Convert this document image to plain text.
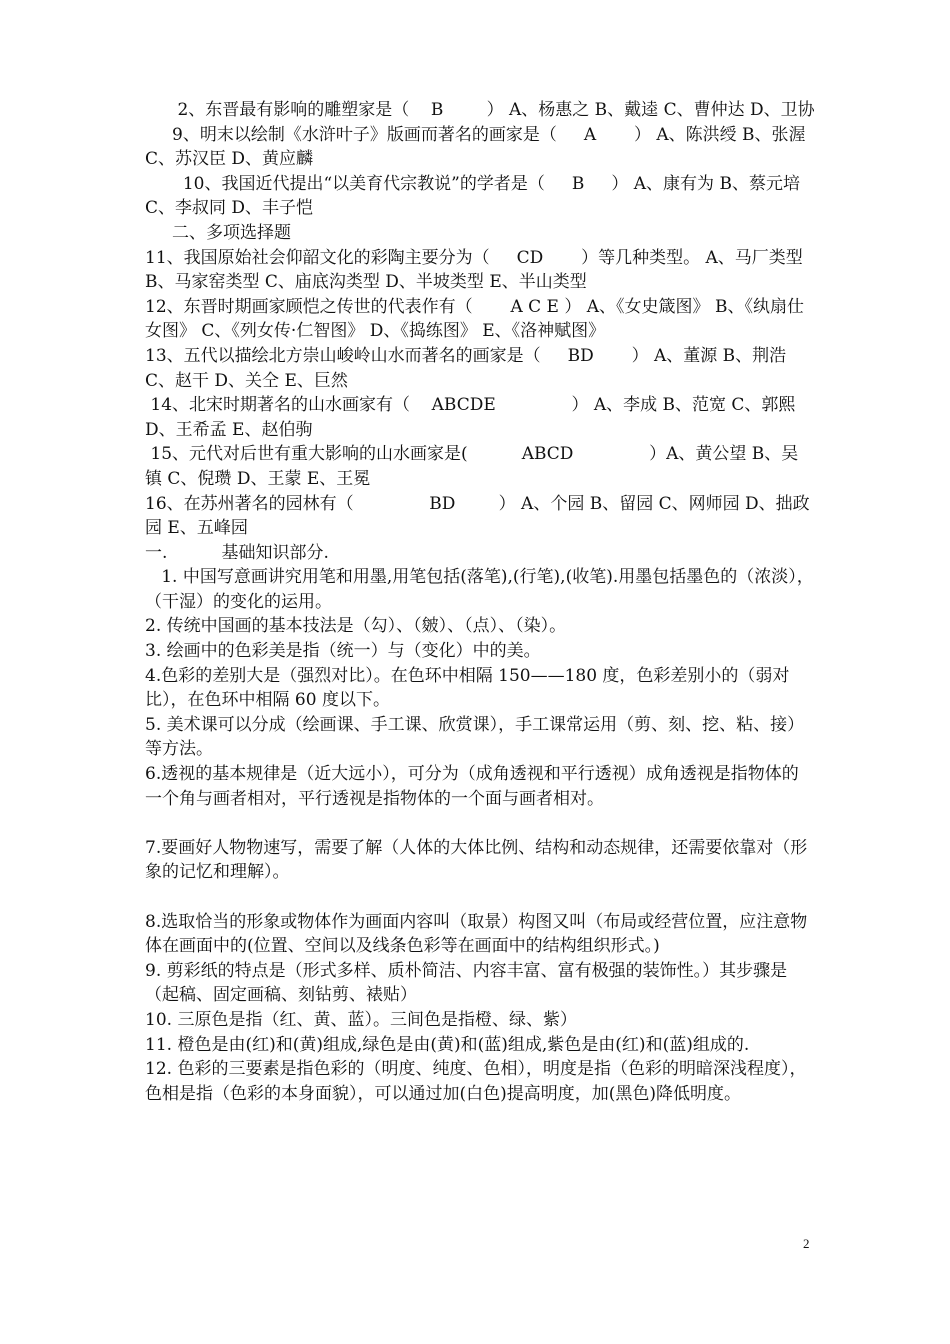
2、东晋最有影响的雕塑家是（    B        ） A、杨惠之 B、戴逵 C、曹仲达 D、卫协

9、明末以绘制《水浒叶子》版画而著名的画家是（     A       ） A、陈洪绶 B、张渥 C、苏汉臣 D、黄应麟

10、我国近代提出“以美育代宗教说”的学者是（     B     ） A、康有为 B、蔡元培 C、李叔同 D、丰子恺

二、多项选择题

11、我国原始社会仰韶文化的彩陶主要分为（     CD       ）等几种类型。 A、马厂类型 B、马家窑类型 C、庙底沟类型 D、半坡类型 E、半山类型

12、东晋时期画家顾恺之传世的代表作有（       A C E ） A、《女史箴图》 B、《纨扇仕女图》 C、《列女传·仁智图》 D、《捣练图》 E、《洛神赋图》

13、五代以描绘北方崇山峻岭山水而著名的画家是（     BD       ） A、董源 B、荆浩 C、赵干 D、关仝 E、巨然

14、北宋时期著名的山水画家有（    ABCDE              ） A、李成 B、范宽 C、郭熙 D、王希孟 E、赵伯驹

15、元代对后世有重大影响的山水画家是(          ABCD              ）A、黄公望 B、吴镇 C、倪瓒 D、王蒙 E、王冕

16、在苏州著名的园林有（              BD        ） A、个园 B、留园 C、网师园 D、拙政园 E、五峰园

一.          基础知识部分.

1. 中国写意画讲究用笔和用墨,用笔包括(落笔),(行笔),(收笔).用墨包括墨色的（浓淡），（干湿）的变化的运用。

2. 传统中国画的基本技法是（勾）、（皴）、（点）、（染）。

3. 绘画中的色彩美是指（统一）与（变化）中的美。

4.色彩的差别大是（强烈对比）。在色环中相隔 150——180 度，色彩差别小的（弱对比），在色环中相隔 60 度以下。

5. 美术课可以分成（绘画课、手工课、欣赏课），手工课常运用（剪、刻、挖、粘、接）等方法。

6.透视的基本规律是（近大远小），可分为（成角透视和平行透视）成角透视是指物体的一个角与画者相对，平行透视是指物体的一个面与画者相对。

7.要画好人物物速写，需要了解（人体的大体比例、结构和动态规律，还需要依靠对（形象的记忆和理解）。

8.选取恰当的形象或物体作为画面内容叫（取景）构图又叫（布局或经营位置，应注意物体在画面中的(位置、空间以及线条色彩等在画面中的结构组织形式。)

9. 剪彩纸的特点是（形式多样、质朴简洁、内容丰富、富有极强的装饰性。）其步骤是（起稿、固定画稿、刻钻剪、裱贴）

10. 三原色是指（红、黄、蓝）。三间色是指橙、绿、紫）

11. 橙色是由(红)和(黄)组成,绿色是由(黄)和(蓝)组成,紫色是由(红)和(蓝)组成的.

12. 色彩的三要素是指色彩的（明度、纯度、色相），明度是指（色彩的明暗深浅程度），色相是指（色彩的本身面貌），可以通过加(白色)提高明度，加(黑色)降低明度。

2
